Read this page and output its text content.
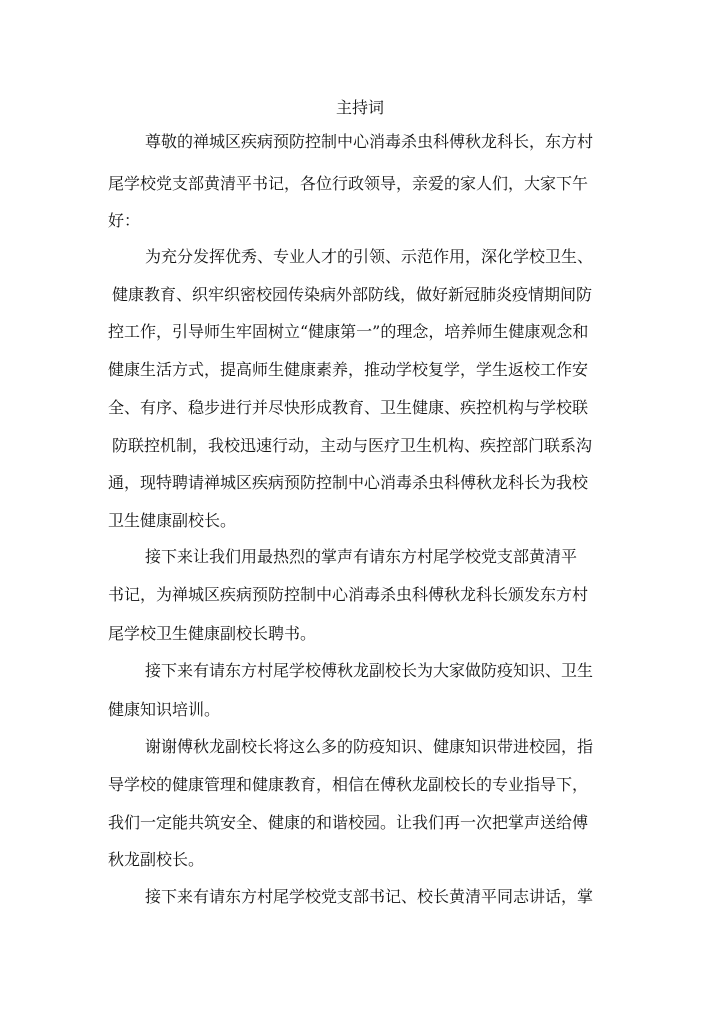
主持词
尊敬的禅城区疾病预防控制中心消毒杀虫科傅秋龙科长，东方村
尾学校党支部黄清平书记，各位行政领导，亲爱的家人们，大家下午
好：
为充分发挥优秀、专业人才的引领、示范作用，深化学校卫生、
健康教育、织牢织密校园传染病外部防线，做好新冠肺炎疫情期间防
控工作，引导师生牢固树立“健康第一”的理念，培养师生健康观念和
健康生活方式，提高师生健康素养，推动学校复学，学生返校工作安
全、有序、稳步进行并尽快形成教育、卫生健康、疾控机构与学校联
防联控机制，我校迅速行动，主动与医疗卫生机构、疾控部门联系沟
通，现特聘请禅城区疾病预防控制中心消毒杀虫科傅秋龙科长为我校
卫生健康副校长。
接下来让我们用最热烈的掌声有请东方村尾学校党支部黄清平
书记，为禅城区疾病预防控制中心消毒杀虫科傅秋龙科长颁发东方村
尾学校卫生健康副校长聘书。
接下来有请东方村尾学校傅秋龙副校长为大家做防疫知识、卫生
健康知识培训。
谢谢傅秋龙副校长将这么多的防疫知识、健康知识带进校园，指
导学校的健康管理和健康教育，相信在傅秋龙副校长的专业指导下，
我们一定能共筑安全、健康的和谐校园。让我们再一次把掌声送给傅
秋龙副校长。
接下来有请东方村尾学校党支部书记、校长黄清平同志讲话，掌
